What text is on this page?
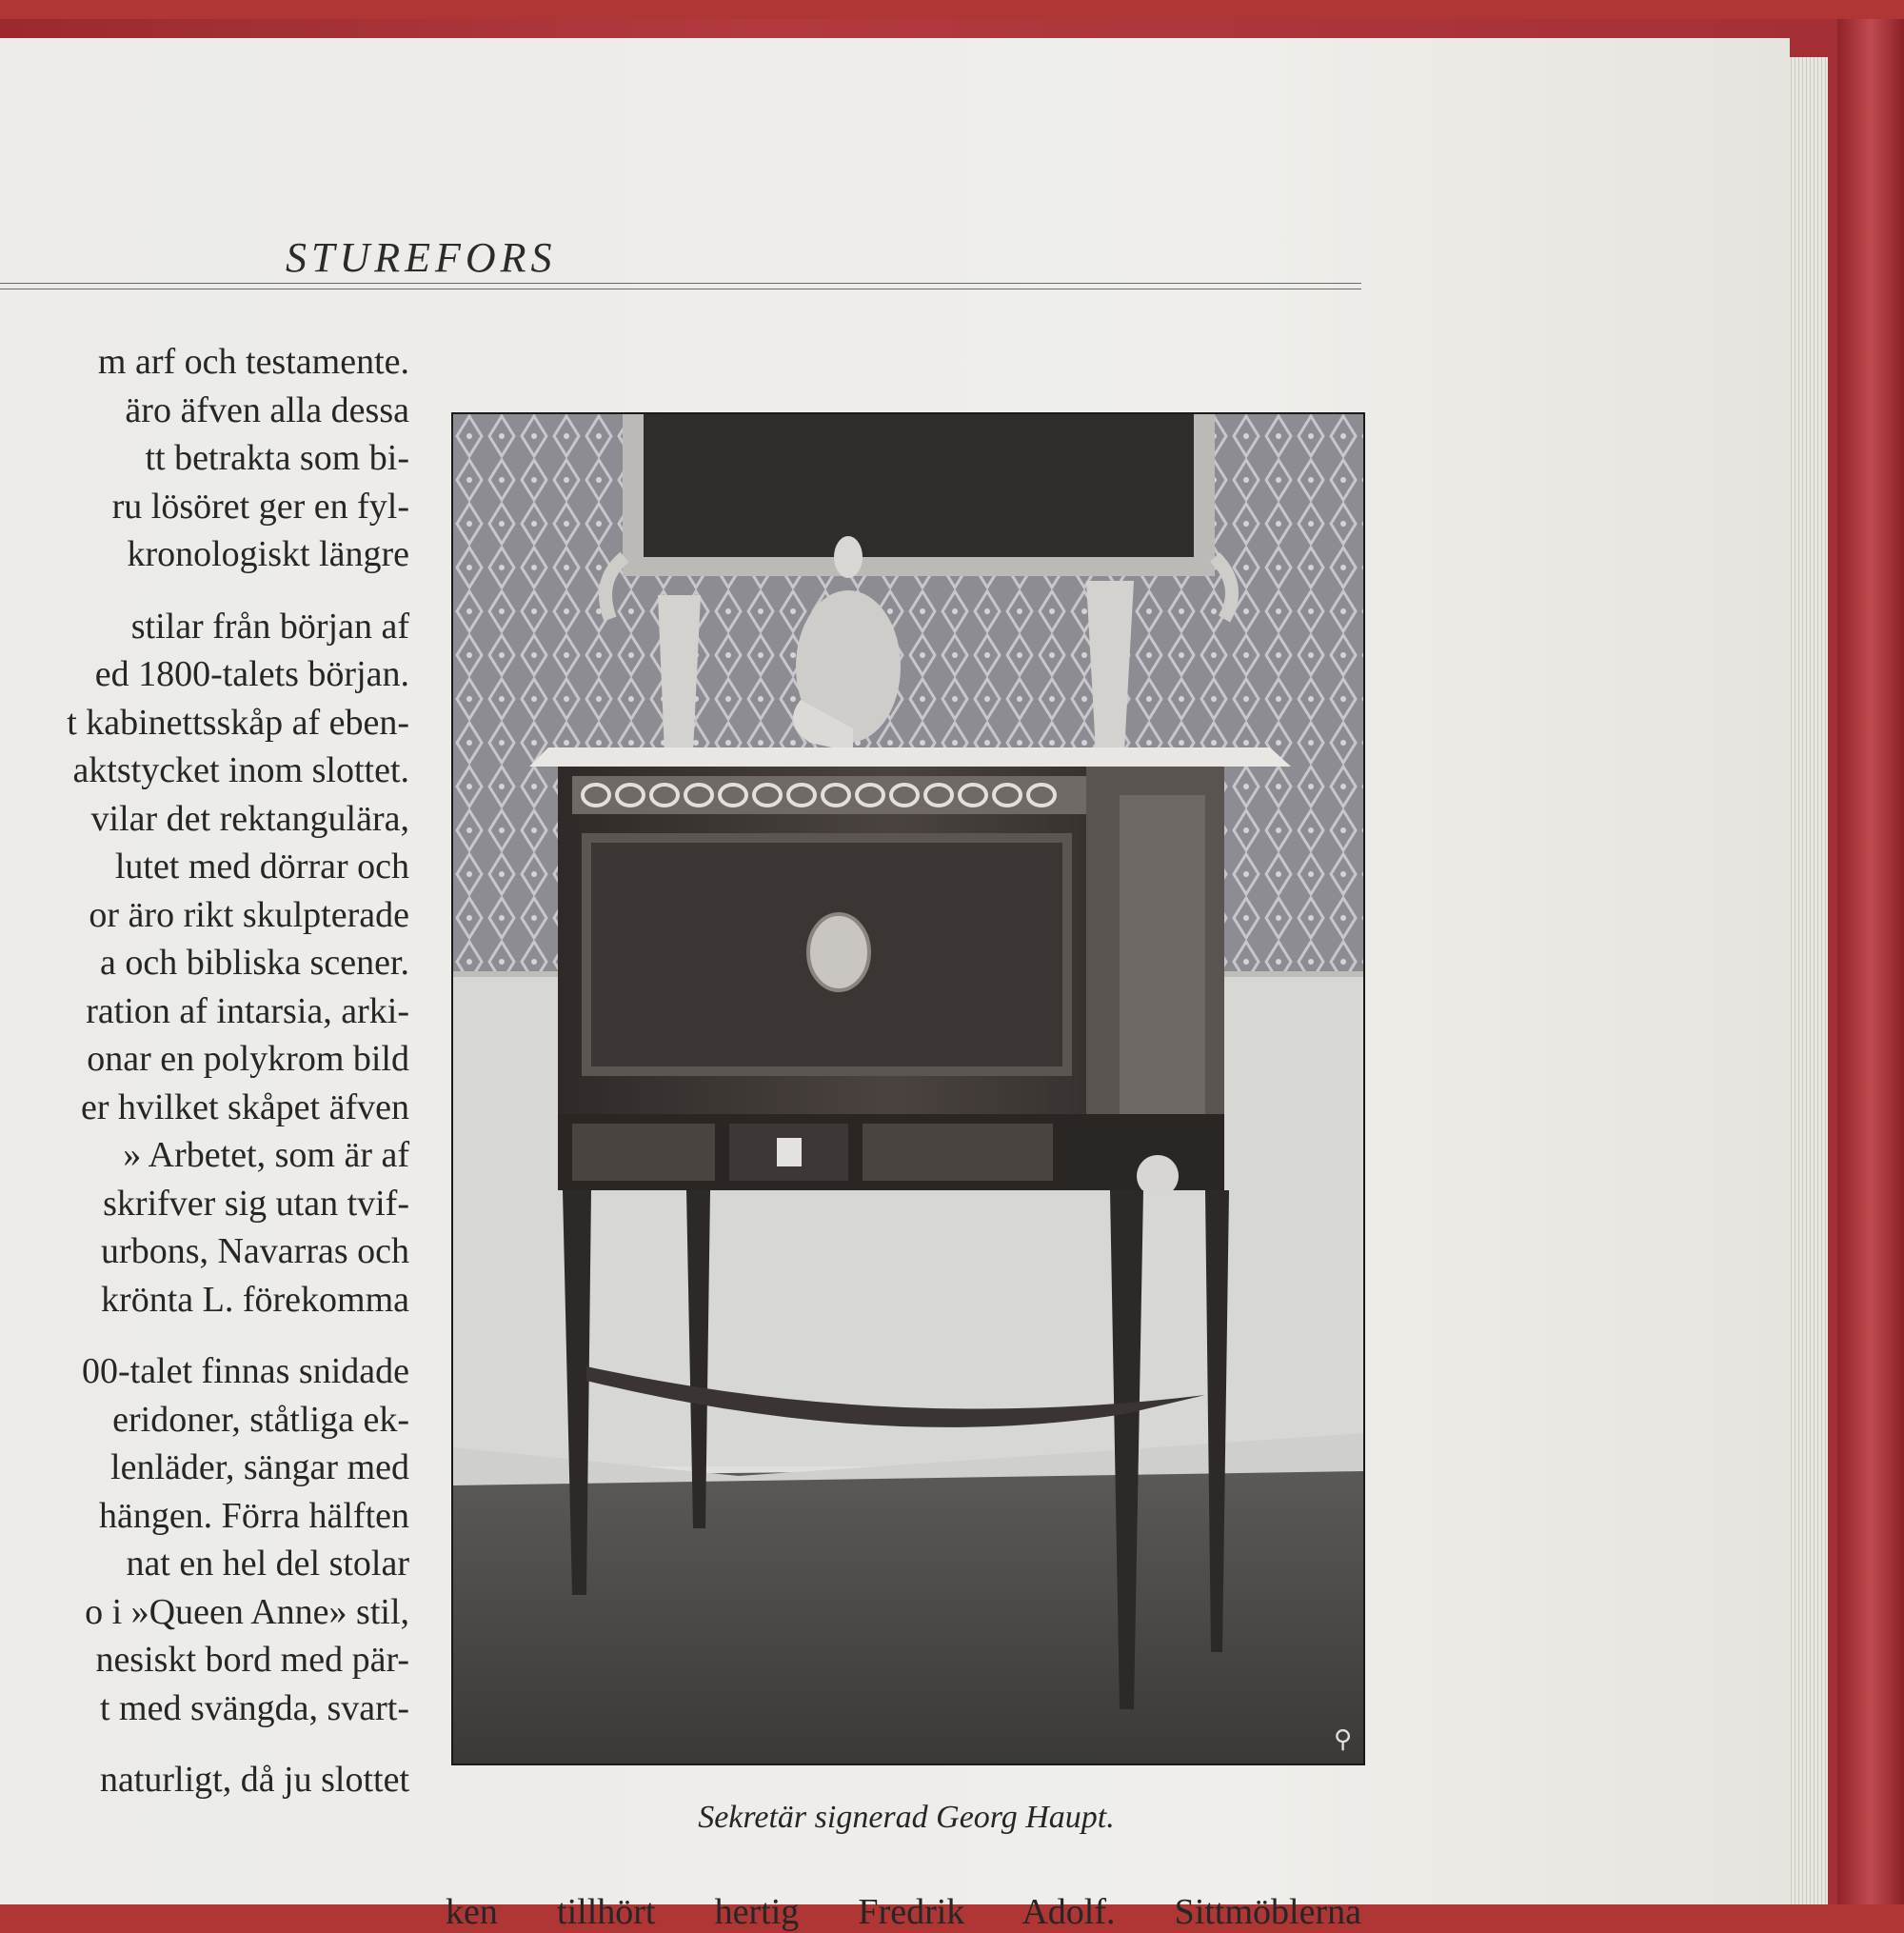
STUREFORS
m arf och testamente.
äro äfven alla dessa
tt betrakta som bi-
ru lösöret ger en fyl-
kronologiskt längre
stilar från början af
ed 1800-talets början.
t kabinettsskåp af eben-
aktstycket inom slottet.
vilar det rektangulära,
lutet med dörrar och
or äro rikt skulpterade
a och bibliska scener.
ration af intarsia, arki-
onar en polykrom bild
er hvilket skåpet äfven
» Arbetet, som är af
skrifver sig utan tvif-
urbons, Navarras och
krönta L. förekomma
00-talet finnas snidade
eridoner, ståtliga ek-
lenläder, sängar med
hängen. Förra hälften
nat en hel del stolar
o i »Queen Anne» stil,
nesiskt bord med pär-
t med svängda, svart-
naturligt, då ju slottet
⚲
Sekretär signerad Georg Haupt.
ken tillhört hertig Fredrik Adolf. Sittmöblerna
